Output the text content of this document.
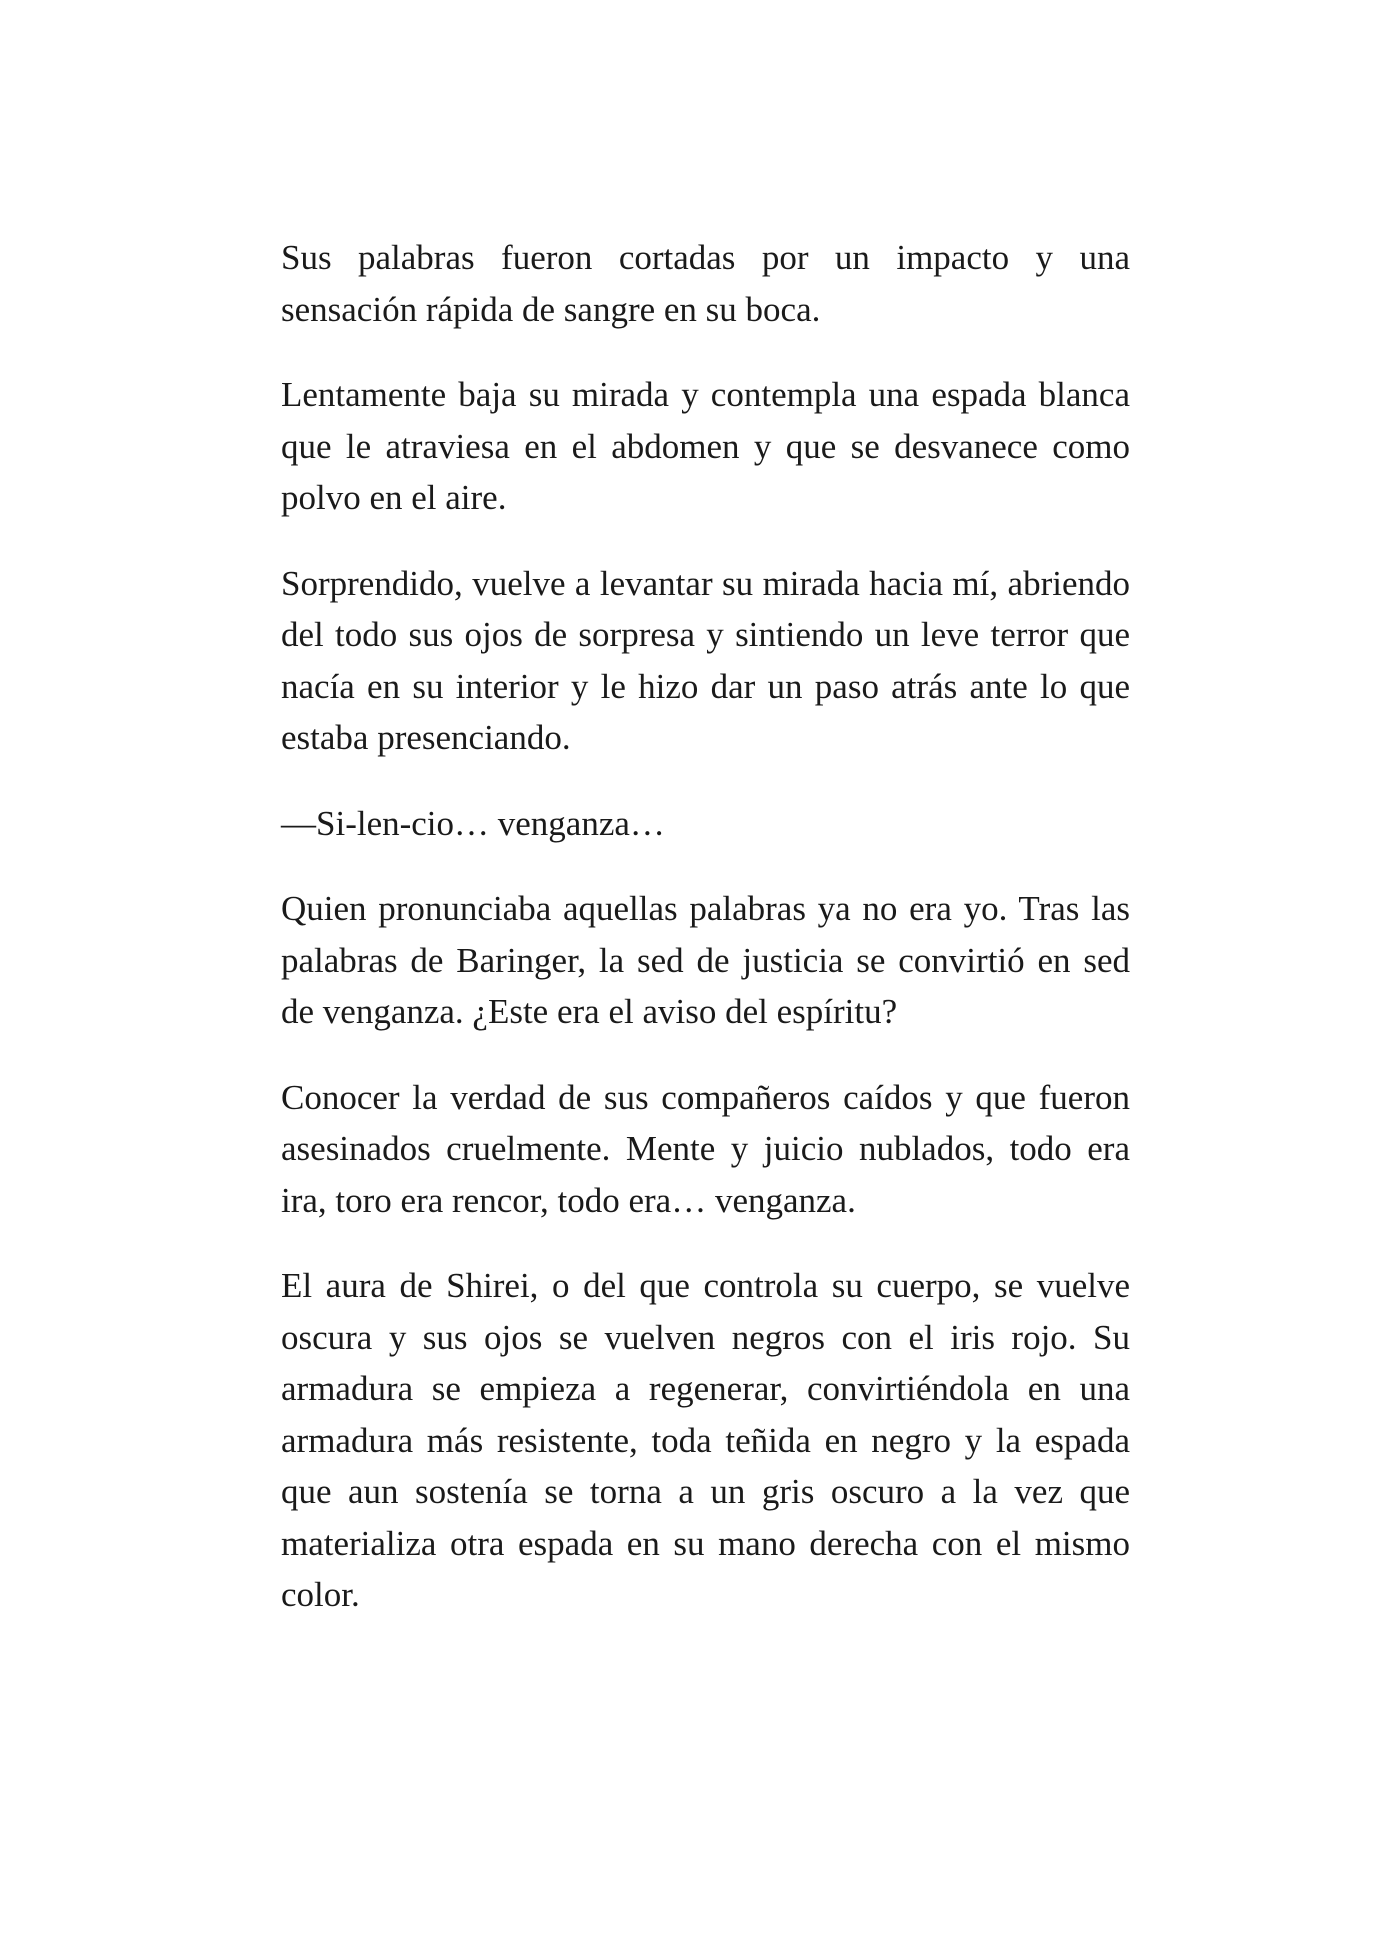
Sus palabras fueron cortadas por un impacto y una sensación rápida de sangre en su boca.

Lentamente baja su mirada y contempla una espada blanca que le atraviesa en el abdomen y que se desvanece como polvo en el aire.

Sorprendido, vuelve a levantar su mirada hacia mí, abriendo del todo sus ojos de sorpresa y sintiendo un leve terror que nacía en su interior y le hizo dar un paso atrás ante lo que estaba presenciando.

—Si-len-cio… venganza…

Quien pronunciaba aquellas palabras ya no era yo. Tras las palabras de Baringer, la sed de justicia se convirtió en sed de venganza. ¿Este era el aviso del espíritu?

Conocer la verdad de sus compañeros caídos y que fueron asesinados cruelmente. Mente y juicio nublados, todo era ira, toro era rencor, todo era… venganza.

El aura de Shirei, o del que controla su cuerpo, se vuelve oscura y sus ojos se vuelven negros con el iris rojo. Su armadura se empieza a regenerar, convirtiéndola en una armadura más resistente, toda teñida en negro y la espada que aun sostenía se torna a un gris oscuro a la vez que materializa otra espada en su mano derecha con el mismo color.
